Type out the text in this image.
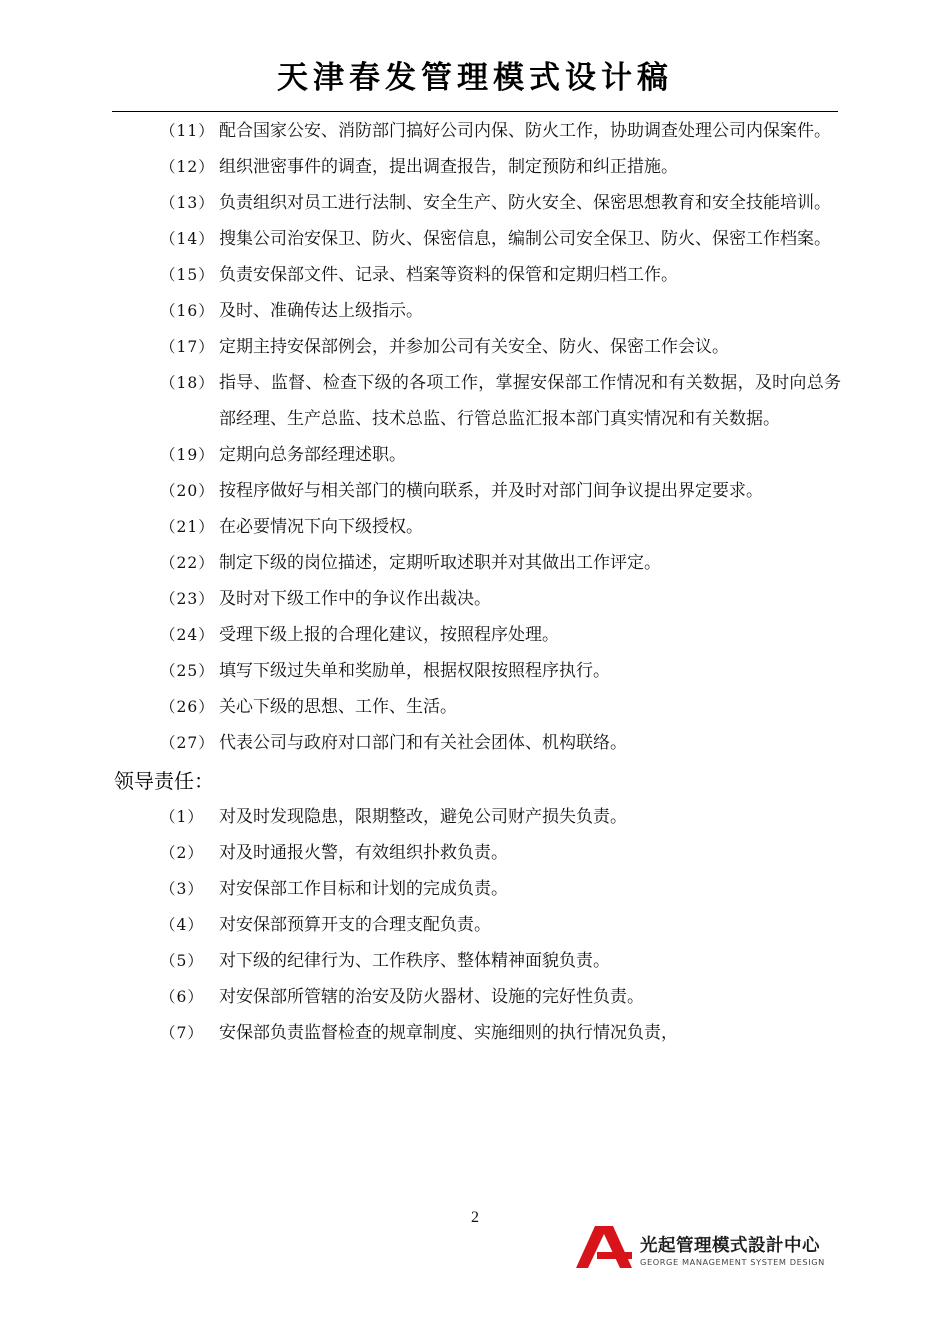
天津春发管理模式设计稿
（11） 配合国家公安、消防部门搞好公司内保、防火工作，协助调查处理公司内保案件。
（12） 组织泄密事件的调查，提出调查报告，制定预防和纠正措施。
（13） 负责组织对员工进行法制、安全生产、防火安全、保密思想教育和安全技能培训。
（14） 搜集公司治安保卫、防火、保密信息，编制公司安全保卫、防火、保密工作档案。
（15） 负责安保部文件、记录、档案等资料的保管和定期归档工作。
（16） 及时、准确传达上级指示。
（17） 定期主持安保部例会，并参加公司有关安全、防火、保密工作会议。
（18） 指导、监督、检查下级的各项工作，掌握安保部工作情况和有关数据，及时向总务部经理、生产总监、技术总监、行管总监汇报本部门真实情况和有关数据。
（19） 定期向总务部经理述职。
（20） 按程序做好与相关部门的横向联系，并及时对部门间争议提出界定要求。
（21） 在必要情况下向下级授权。
（22） 制定下级的岗位描述，定期听取述职并对其做出工作评定。
（23） 及时对下级工作中的争议作出裁决。
（24） 受理下级上报的合理化建议，按照程序处理。
（25） 填写下级过失单和奖励单，根据权限按照程序执行。
（26） 关心下级的思想、工作、生活。
（27） 代表公司与政府对口部门和有关社会团体、机构联络。
领导责任：
（1） 对及时发现隐患，限期整改，避免公司财产损失负责。
（2） 对及时通报火警，有效组织扑救负责。
（3） 对安保部工作目标和计划的完成负责。
（4） 对安保部预算开支的合理支配负责。
（5） 对下级的纪律行为、工作秩序、整体精神面貌负责。
（6） 对安保部所管辖的治安及防火器材、设施的完好性负责。
（7） 安保部负责监督检查的规章制度、实施细则的执行情况负责，
2
光起管理模式設計中心
GEORGE MANAGEMENT SYSTEM DESIGN
